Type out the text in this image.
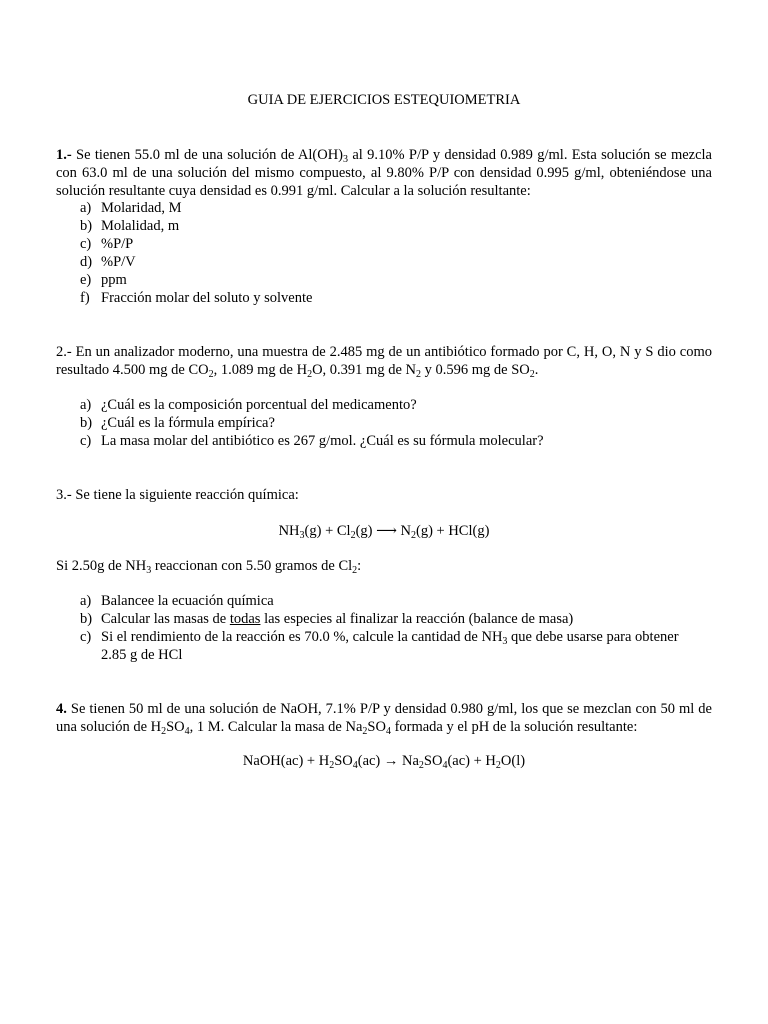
GUIA DE EJERCICIOS ESTEQUIOMETRIA
1.- Se tienen 55.0 ml de una solución de $Al(OH)_3$ al 9.10% P/P y densidad 0.989 g/ml. Esta solución se mezcla con 63.0 ml de una solución del mismo compuesto, al 9.80% P/P con densidad 0.995 g/ml, obteniéndose una solución resultante cuya densidad es 0.991 g/ml. Calcular a la solución resultante:
a) Molaridad, M
b) Molalidad, m
c) %P/P
d) %P/V
e) ppm
f) Fracción molar del soluto y solvente
2.- En un analizador moderno, una muestra de 2.485 mg de un antibiótico formado por C, H, O, N y S dio como resultado 4.500 mg de $CO_2$, 1.089 mg de $H_2O$, 0.391 mg de $N_2$ y 0.596 mg de $SO_2$.
a) ¿Cuál es la composición porcentual del medicamento?
b) ¿Cuál es la fórmula empírica?
c) La masa molar del antibiótico es 267 g/mol. ¿Cuál es su fórmula molecular?
3.- Se tiene la siguiente reacción química:
$NH_3(g) + Cl_2(g)$ ⟶ $N_2(g) + HCl(g)$
Si 2.50g de $NH_3$ reaccionan con 5.50 gramos de $Cl_2$:
a) Balancee la ecuación química
b) Calcular las masas de todas las especies al finalizar la reacción (balance de masa)
c) Si el rendimiento de la reacción es 70.0 %, calcule la cantidad de $NH_3$ que debe usarse para obtener
2.85 g de HCl
4. Se tienen 50 ml de una solución de NaOH, 7.1% P/P y densidad 0.980 g/ml, los que se mezclan con 50 ml de una solución de $H_2SO_4$, 1 M. Calcular la masa de $Na_2SO_4$ formada y el pH de la solución resultante:
NaOH(ac) + $H_2SO_4(ac) \to Na_2SO_4(ac) + H_2O(l)$
